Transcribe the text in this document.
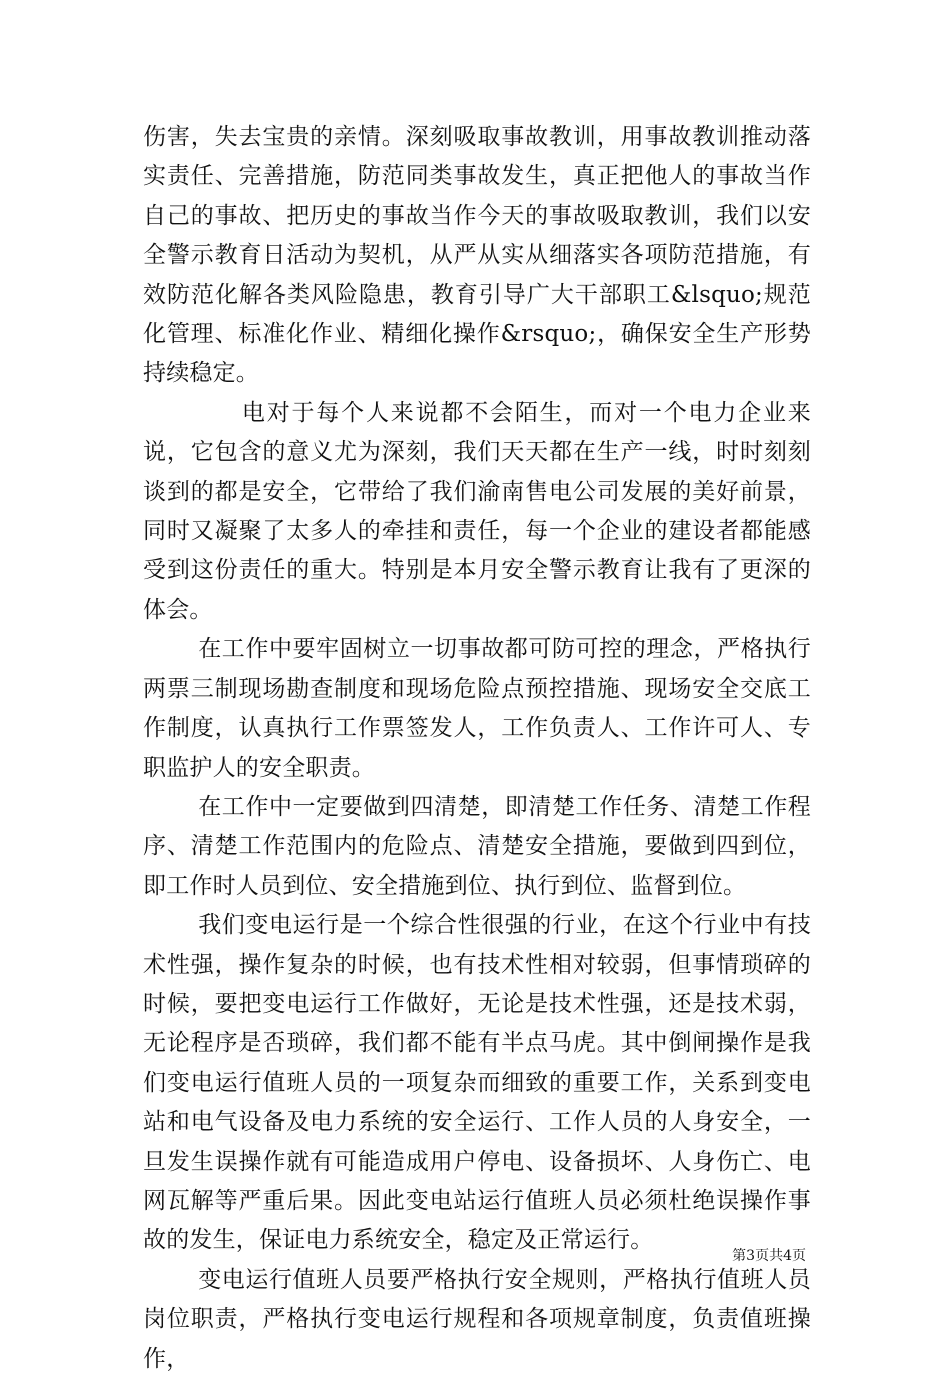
伤害，失去宝贵的亲情。深刻吸取事故教训，用事故教训推动落实责任、完善措施，防范同类事故发生，真正把他人的事故当作自己的事故、把历史的事故当作今天的事故吸取教训，我们以安全警示教育日活动为契机，从严从实从细落实各项防范措施，有效防范化解各类风险隐患，教育引导广大干部职工&lsquo;规范化管理、标准化作业、精细化操作&rsquo;，确保安全生产形势持续稳定。

电对于每个人来说都不会陌生，而对一个电力企业来说，它包含的意义尤为深刻，我们天天都在生产一线，时时刻刻谈到的都是安全，它带给了我们渝南售电公司发展的美好前景，同时又凝聚了太多人的牵挂和责任，每一个企业的建设者都能感受到这份责任的重大。特别是本月安全警示教育让我有了更深的体会。

在工作中要牢固树立一切事故都可防可控的理念，严格执行两票三制现场勘查制度和现场危险点预控措施、现场安全交底工作制度，认真执行工作票签发人，工作负责人、工作许可人、专职监护人的安全职责。

在工作中一定要做到四清楚，即清楚工作任务、清楚工作程序、清楚工作范围内的危险点、清楚安全措施，要做到四到位，即工作时人员到位、安全措施到位、执行到位、监督到位。

我们变电运行是一个综合性很强的行业，在这个行业中有技术性强，操作复杂的时候，也有技术性相对较弱，但事情琐碎的时候，要把变电运行工作做好，无论是技术性强，还是技术弱，无论程序是否琐碎，我们都不能有半点马虎。其中倒闸操作是我们变电运行值班人员的一项复杂而细致的重要工作，关系到变电站和电气设备及电力系统的安全运行、工作人员的人身安全，一旦发生误操作就有可能造成用户停电、设备损坏、人身伤亡、电网瓦解等严重后果。因此变电站运行值班人员必须杜绝误操作事故的发生，保证电力系统安全，稳定及正常运行。

变电运行值班人员要严格执行安全规则，严格执行值班人员岗位职责，严格执行变电运行规程和各项规章制度，负责值班操作，

第3页共4页
